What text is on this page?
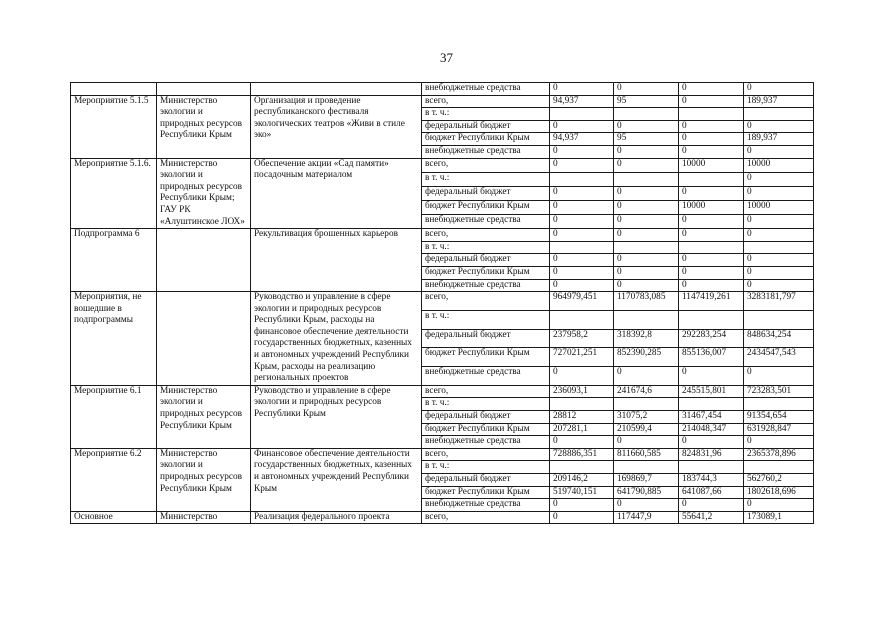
37
			внебюджетные средства	0	0	0	0
Мероприятие 5.1.5	Министерство экологии и природных ресурсов Республики Крым	Организация и проведение республиканского фестиваля экологических театров «Живи в стиле эко»	всего,	94,937	95	0	189,937
			в т. ч.:				
			федеральный бюджет	0	0	0	0
			бюджет Республики Крым	94,937	95	0	189,937
			внебюджетные средства	0	0	0	0
Мероприятие 5.1.6.	Министерство экологии и природных ресурсов Республики Крым; ГАУ РК «Алуштинское ЛОХ»	Обеспечение акции «Сад памяти» посадочным материалом	всего,	0	0	10000	10000
			в т. ч.:				0
			федеральный бюджет	0	0	0	0
			бюджет Республики Крым	0	0	10000	10000
			внебюджетные средства	0	0	0	0
Подпрограмма 6		Рекультивация брошенных карьеров	всего,	0	0	0	0
			в т. ч.:				
			федеральный бюджет	0	0	0	0
			бюджет Республики Крым	0	0	0	0
			внебюджетные средства	0	0	0	0
Мероприятия, не вошедшие в подпрограммы		Руководство и управление в сфере экологии и природных ресурсов Республики Крым, расходы на финансовое обеспечение деятельности государственных бюджетных, казенных и автономных учреждений Республики Крым, расходы на реализацию региональных проектов	всего,	964979,451	1170783,085	1147419,261	3283181,797
			в т. ч.:				
			федеральный бюджет	237958,2	318392,8	292283,254	848634,254
			бюджет Республики Крым	727021,251	852390,285	855136,007	2434547,543
			внебюджетные средства	0	0	0	0
Мероприятие 6.1	Министерство экологии и природных ресурсов Республики Крым	Руководство и управление в сфере экологии и природных ресурсов Республики Крым	всего,	236093,1	241674,6	245515,801	723283,501
			в т. ч.:				
			федеральный бюджет	28812	31075,2	31467,454	91354,654
			бюджет Республики Крым	207281,1	210599,4	214048,347	631928,847
			внебюджетные средства	0	0	0	0
Мероприятие 6.2	Министерство экологии и природных ресурсов Республики Крым	Финансовое обеспечение деятельности государственных бюджетных, казенных и автономных учреждений Республики Крым	всего,	728886,351	811660,585	824831,96	2365378,896
			в т. ч.:				
			федеральный бюджет	209146,2	169869,7	183744,3	562760,2
			бюджет Республики Крым	519740,151	641790,885	641087,66	1802618,696
			внебюджетные средства	0	0	0	0
Основное	Министерство	Реализация федерального проекта	всего,	0	117447,9	55641,2	173089,1
